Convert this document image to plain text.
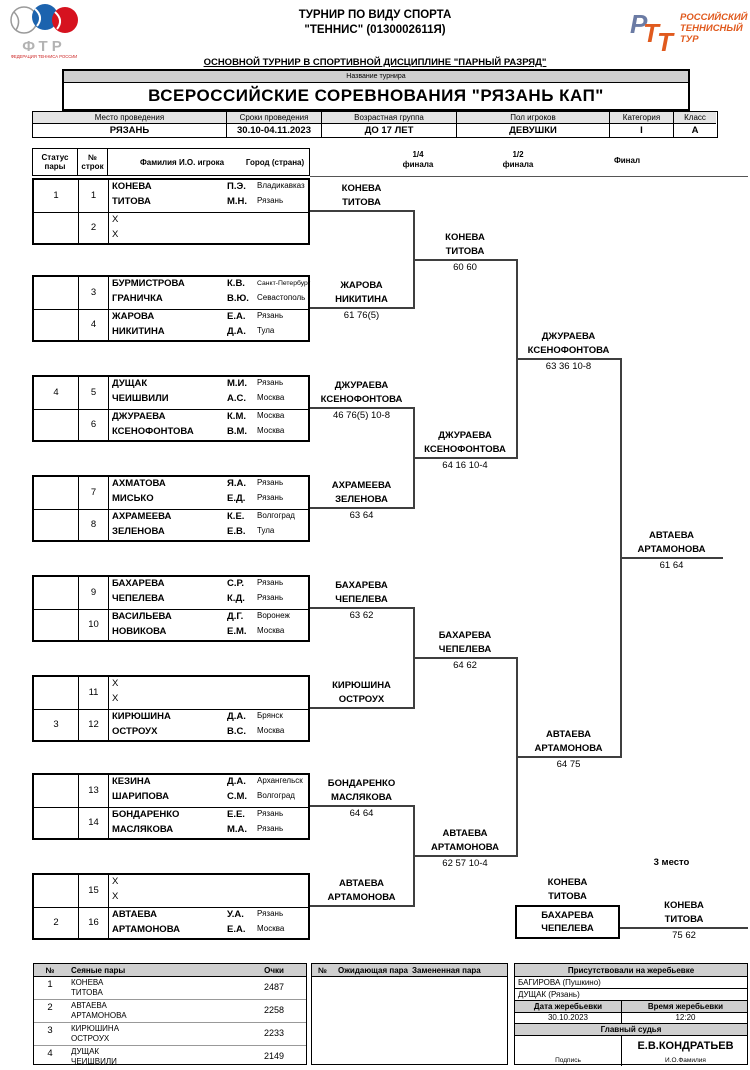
ФТР
ФЕДЕРАЦИЯ ТЕННИСА РОССИИ
Р
Т
Т
РОССИЙСКИЙ
ТЕННИСНЫЙ
ТУР
ТУРНИР ПО ВИДУ СПОРТА
"ТЕННИС" (0130002611Я)
ОСНОВНОЙ ТУРНИР В СПОРТИВНОЙ ДИСЦИПЛИНЕ "ПАРНЫЙ РАЗРЯД"
Название турнира
ВСЕРОССИЙСКИЕ СОРЕВНОВАНИЯ "РЯЗАНЬ КАП"
Место проведения	Сроки проведения	Возрастная группа	Пол игроков	Категория	Класс
РЯЗАНЬ	30.10-04.11.2023	ДО 17 ЛЕТ	ДЕВУШКИ	I	А
Статус
пары
№
строк	Фамилия И.О. игрока	Город (страна)
1/4
финала
1/2
финала	Финал
1	1
КОНЕВА	П.Э.	Владикавказ
ТИТОВА	М.Н.	Рязань
2
X
X
3
БУРМИСТРОВА	К.В.	Санкт-Петербург
ГРАНИЧКА	В.Ю.	Севастополь
4
ЖАРОВА	Е.А.	Рязань
НИКИТИНА	Д.А.	Тула
4	5
ДУЩАК	М.И.	Рязань
ЧЕИШВИЛИ	А.С.	Москва
6
ДЖУРАЕВА	К.М.	Москва
КСЕНОФОНТОВА	В.М.	Москва
7
АХМАТОВА	Я.А.	Рязань
МИСЬКО	Е.Д.	Рязань
8
АХРАМЕЕВА	К.Е.	Волгоград
ЗЕЛЕНОВА	Е.В.	Тула
9
БАХАРЕВА	С.Р.	Рязань
ЧЕПЕЛЕВА	К.Д.	Рязань
10
ВАСИЛЬЕВА	Д.Г.	Воронеж
НОВИКОВА	Е.М.	Москва
11
X
X
3	12
КИРЮШИНА	Д.А.	Брянск
ОСТРОУХ	В.С.	Москва
13
КЕЗИНА	Д.А.	Архангельск
ШАРИПОВА	С.М.	Волгоград
14
БОНДАРЕНКО	Е.Е.	Рязань
МАСЛЯКОВА	М.А.	Рязань
15
X
X
2	16
АВТАЕВА	У.А.	Рязань
АРТАМОНОВА	Е.А.	Москва
КОНЕВА
ТИТОВА
ЖАРОВА
НИКИТИНА
61 76(5)
ДЖУРАЕВА
КСЕНОФОНТОВА
46 76(5) 10-8
АХРАМЕЕВА
ЗЕЛЕНОВА
63 64
БАХАРЕВА
ЧЕПЕЛЕВА
63 62
КИРЮШИНА
ОСТРОУХ
БОНДАРЕНКО
МАСЛЯКОВА
64 64
АВТАЕВА
АРТАМОНОВА
КОНЕВА
ТИТОВА
60 60
ДЖУРАЕВА
КСЕНОФОНТОВА
64 16 10-4
БАХАРЕВА
ЧЕПЕЛЕВА
64 62
АВТАЕВА
АРТАМОНОВА
62 57 10-4
ДЖУРАЕВА
КСЕНОФОНТОВА
63 36 10-8
АВТАЕВА
АРТАМОНОВА
64 75
АВТАЕВА
АРТАМОНОВА
61 64
3 место
КОНЕВА
ТИТОВА
БАХАРЕВА
ЧЕПЕЛЕВА
КОНЕВА
ТИТОВА
75 62
№	Сеяные пары	Очки
1	КОНЕВА
ТИТОВА
2487
2	АВТАЕВА
АРТАМОНОВА
2258
3	КИРЮШИНА
ОСТРОУХ
2233
4	ДУЩАК
ЧЕИШВИЛИ
2149
№ Ожидающая пара Замененная пара	Присутствовали на жеребьевке
БАГИРОВА (Пушкино)
ДУЩАК (Рязань)
Дата жеребьевки	Время жеребьевки
30.10.2023	12:20
Главный судья
Подпись
Е.В.КОНДРАТЬЕВ
И.О.Фамилия
